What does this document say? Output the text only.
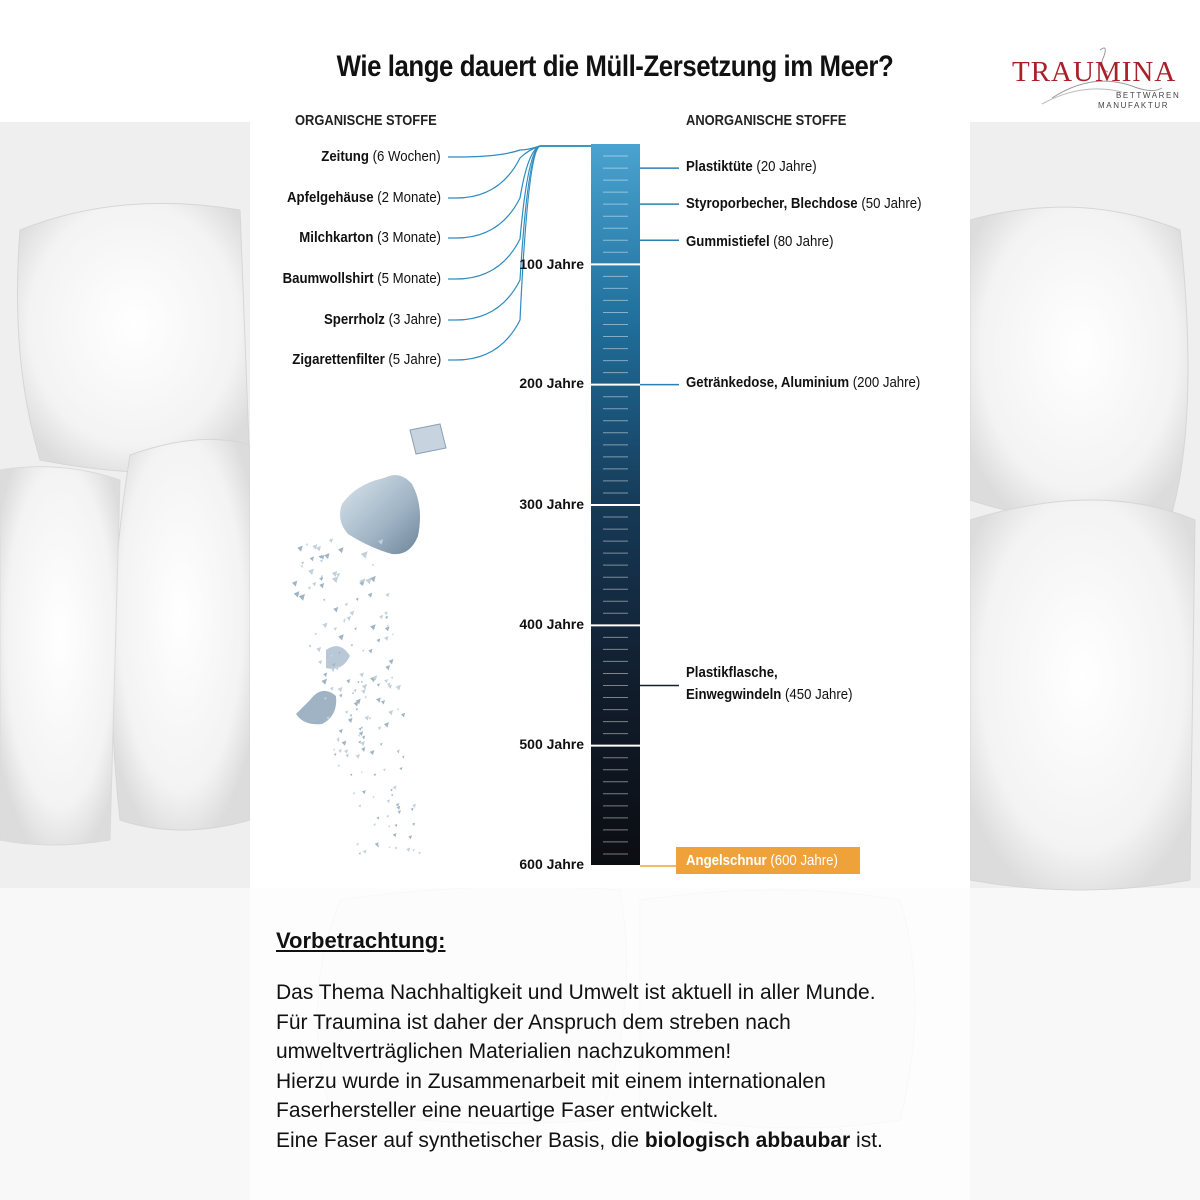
Wie lange dauert die Müll-Zersetzung im Meer?	TRAUMINA
BETTWAREN
MANUFAKTUR
ORGANISCHE STOFFE	ANORGANISCHE STOFFE
Zeitung (6 Wochen)
Apfelgehäuse (2 Monate)
Milchkarton (3 Monate)
Baumwollshirt (5 Monate)
Sperrholz (3 Jahre)
Zigarettenfilter (5 Jahre)
100 Jahre
200 Jahre
300 Jahre
400 Jahre
500 Jahre
600 Jahre
Plastiktüte (20 Jahre)
Styroporbecher, Blechdose (50 Jahre)
Gummistiefel (80 Jahre)
Getränkedose, Aluminium (200 Jahre)
Plastikflasche,
Einwegwindeln (450 Jahre)
Angelschnur (600 Jahre)
Vorbetrachtung:
Das Thema Nachhaltigkeit und Umwelt ist aktuell in aller Munde.
Für Traumina ist daher der Anspruch dem streben nach
umweltverträglichen Materialien nachzukommen!
Hierzu wurde in Zusammenarbeit mit einem internationalen
Faserhersteller eine neuartige Faser entwickelt.
Eine Faser auf synthetischer Basis, die biologisch abbaubar ist.
